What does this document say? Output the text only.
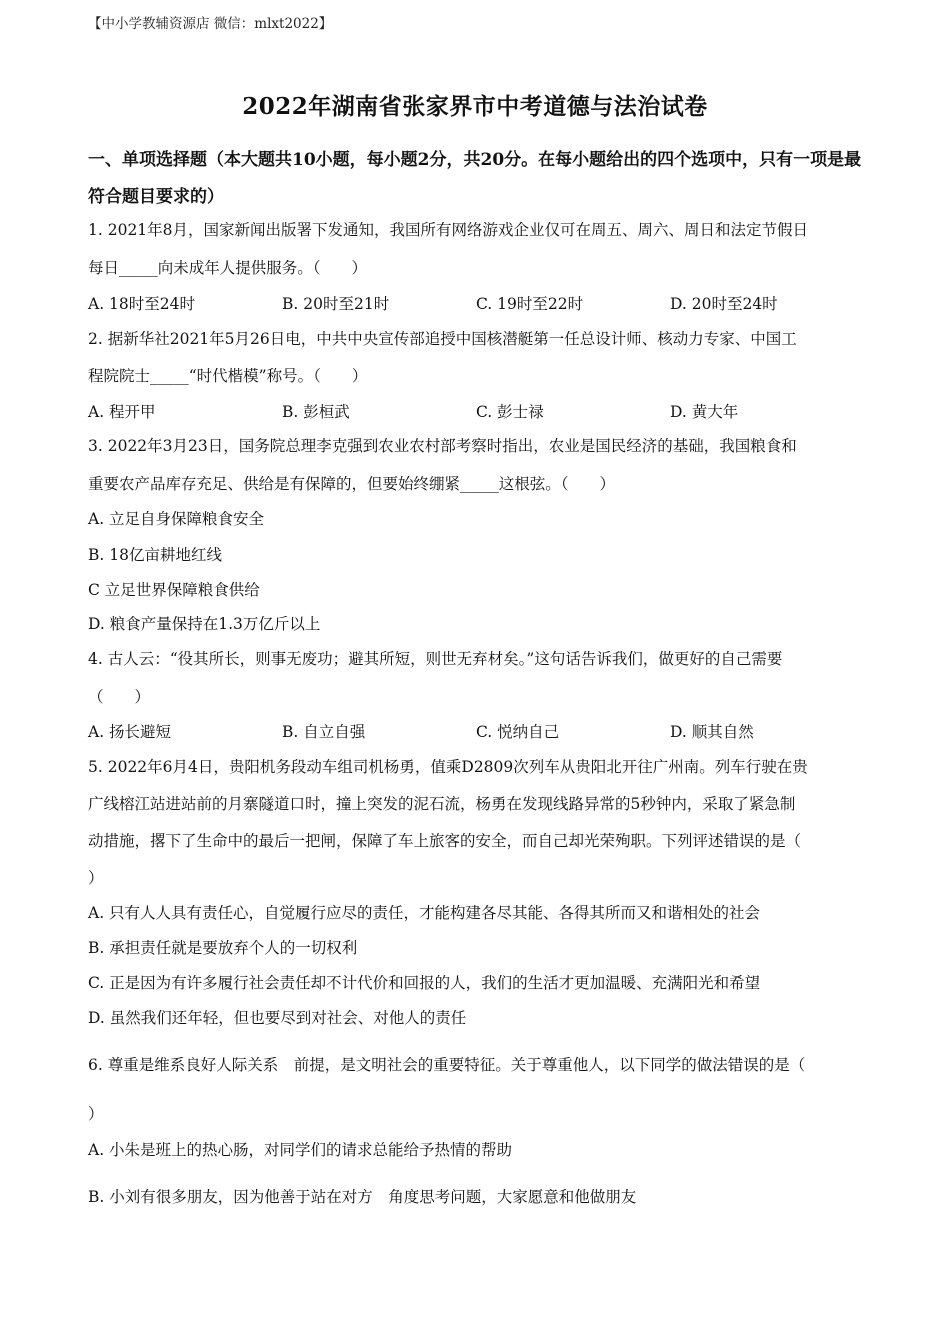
【中小学教辅资源店 微信：mlxt2022】
2022年湖南省张家界市中考道德与法治试卷
一、单项选择题（本大题共10小题，每小题2分，共20分。在每小题给出的四个选项中，只有一项是最符合题目要求的）
1. 2021年8月，国家新闻出版署下发通知，我国所有网络游戏企业仅可在周五、周六、周日和法定节假日
每日_____向未成年人提供服务。（　　）
A. 18时至24时	B. 20时至21时	C. 19时至22时	D. 20时至24时
2. 据新华社2021年5月26日电，中共中央宣传部追授中国核潜艇第一任总设计师、核动力专家、中国工
程院院士_____“时代楷模”称号。（　　）
A. 程开甲	B. 彭桓武	C. 彭士禄	D. 黄大年
3. 2022年3月23日，国务院总理李克强到农业农村部考察时指出，农业是国民经济的基础，我国粮食和
重要农产品库存充足、供给是有保障的，但要始终绷紧_____这根弦。（　　）
A. 立足自身保障粮食安全
B. 18亿亩耕地红线
C 立足世界保障粮食供给
D. 粮食产量保持在1.3万亿斤以上
4. 古人云：“役其所长，则事无废功；避其所短，则世无弃材矣。”这句话告诉我们，做更好的自己需要
（　　）
A. 扬长避短	B. 自立自强	C. 悦纳自己	D. 顺其自然
5. 2022年6月4日，贵阳机务段动车组司机杨勇，值乘D2809次列车从贵阳北开往广州南。列车行驶在贵
广线榕江站进站前的月寨隧道口时，撞上突发的泥石流，杨勇在发现线路异常的5秒钟内，采取了紧急制
动措施，撂下了生命中的最后一把闸，保障了车上旅客的安全，而自己却光荣殉职。下列评述错误的是（
）
A. 只有人人具有责任心，自觉履行应尽的责任，才能构建各尽其能、各得其所而又和谐相处的社会
B. 承担责任就是要放弃个人的一切权利
C. 正是因为有许多履行社会责任却不计代价和回报的人，我们的生活才更加温暖、充满阳光和希望
D. 虽然我们还年轻，但也要尽到对社会、对他人的责任
6. 尊重是维系良好人际关系　前提，是文明社会的重要特征。关于尊重他人，以下同学的做法错误的是（
）
A. 小朱是班上的热心肠，对同学们的请求总能给予热情的帮助
B. 小刘有很多朋友，因为他善于站在对方　角度思考问题，大家愿意和他做朋友
